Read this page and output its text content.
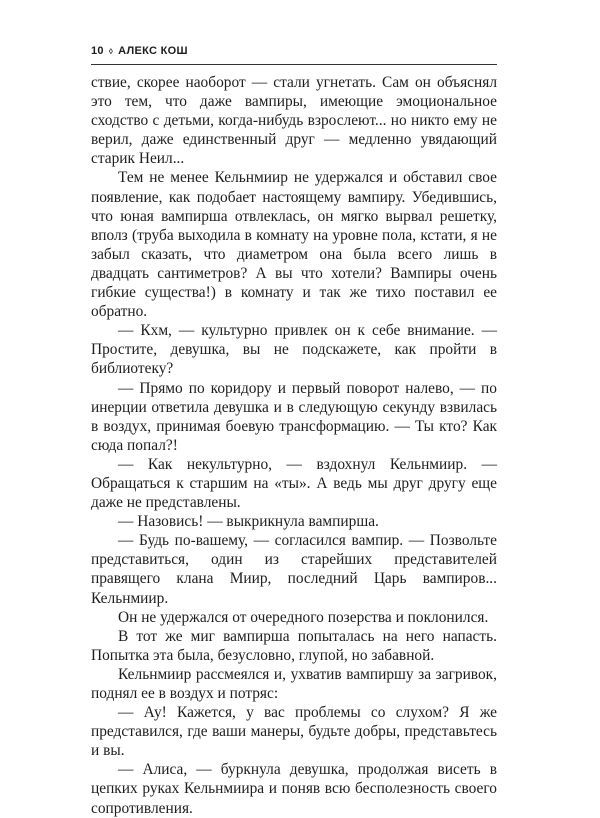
10 ◊ АЛЕКС КОШ

ствие, скорее наоборот — стали угнетать. Сам он объяснял это тем, что даже вампиры, имеющие эмоциональное сходство с детьми, когда-нибудь взрослеют... но никто ему не верил, даже единственный друг — медленно увядающий старик Неил...

Тем не менее Кельнмиир не удержался и обставил свое появление, как подобает настоящему вампиру. Убедившись, что юная вампирша отвлеклась, он мягко вырвал решетку, вполз (труба выходила в комнату на уровне пола, кстати, я не забыл сказать, что диаметром она была всего лишь в двадцать сантиметров? А вы что хотели? Вампиры очень гибкие существа!) в комнату и так же тихо поставил ее обратно.

— Кхм, — культурно привлек он к себе внимание. — Простите, девушка, вы не подскажете, как пройти в библиотеку?

— Прямо по коридору и первый поворот налево, — по инерции ответила девушка и в следующую секунду взвилась в воздух, принимая боевую трансформацию. — Ты кто? Как сюда попал?!

— Как некультурно, — вздохнул Кельнмиир. — Обращаться к старшим на «ты». А ведь мы друг другу еще даже не представлены.

— Назовись! — выкрикнула вампирша.

— Будь по-вашему, — согласился вампир. — Позвольте представиться, один из старейших представителей правящего клана Миир, последний Царь вампиров... Кельнмиир.

Он не удержался от очередного позерства и поклонился.

В тот же миг вампирша попыталась на него напасть. Попытка эта была, безусловно, глупой, но забавной.

Кельнмиир рассмеялся и, ухватив вампиршу за загривок, поднял ее в воздух и потряс:

— Ау! Кажется, у вас проблемы со слухом? Я же представился, где ваши манеры, будьте добры, представьтесь и вы.

— Алиса, — буркнула девушка, продолжая висеть в цепких руках Кельнмиира и поняв всю бесполезность своего сопротивления.
